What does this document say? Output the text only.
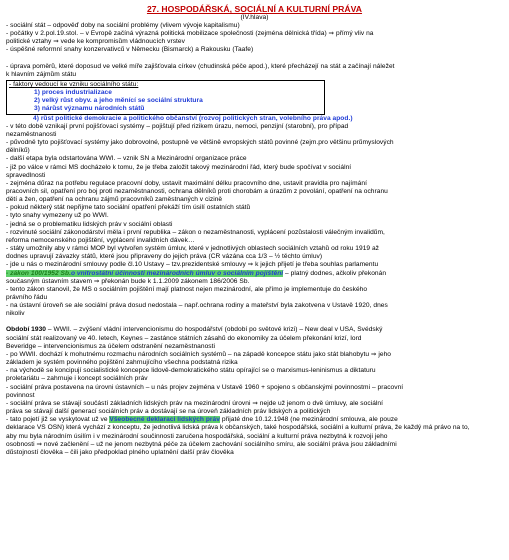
27. HOSPODÁŘSKÁ, SOCIÁLNÍ A KULTURNÍ PRÁVA
(IV.hlava)
- sociální stát – odpověď doby na sociální problémy (vlivem vývoje kapitalismu)
- počátky v 2.pol.19.stol. – v Evropě začíná výrazná politická mobilizace společnosti (zejména dělnická třída) ⇒ přímý vliv na
politické vztahy ⇒ vede ke kompromisům vládnoucích vrstev
- úspěšné reformní snahy konzervativců v Německu (Bismarck) a Rakousku (Taafe)
- úprava poměrů, které doposud ve velké míře zajišťovala církev (chudinská péče apod.), které přecházejí na stát a začínají náležet
k hlavním zájmům státu
- faktory vedoucí ke vzniku sociálního státu:
1) proces industrializace
2) velký růst obyv. a jeho měnící se sociální struktura
3) nárůst významu národních států
4) růst politické demokracie a politického občanství (rozvoj politických stran, volebního práva apod.)
- v této době vznikají první pojišťovací systémy – pojištují před rizikem úrazu, nemoci, penzijní (starobní), pro případ
nezaměstnanosti
- původně tyto pojišťovací systémy jako dobrovolné, postupně ve většině evropských států povinné (zejm.pro většinu průmyslových
dělníků)
- další etapa byla odstartována WWI. – vznik SN a Mezinárodní organizace práce
- již po válce v rámci MS docházelo k tomu, že je třeba založit takový mezinárodní řád, který bude spočívat v sociální
spravedlnosti
- zejména důraz na potřebu regulace pracovní doby, ustavit maximální délku pracovního dne, ustavit pravidla pro najímání
pracovních sil, opatření pro boj proti nezaměstnanosti, ochrana dělníků proti chorobám a úrazům z povolání, opatření na ochranu
dětí a žen, opatření na ochranu zájmů pracovníků zaměstnaných v cizině
- pokud některý stát nepřijme tato sociální opatření překáží tím úsilí ostatních států
- tyto snahy vymezeny už po WWI.
- jedná se o problematiku lidských práv v sociální oblasti
- rozvinuté sociální zákonodárství měla i první republika – zákon o nezaměstnanosti, vyplácení pozůstalosti válečným invalidům,
reforma nemocenského pojištění, vyplácení invalidních dávek…
- státy umožnily aby v rámci MOP byl vytvořen systém úmluv, které v jednotlivých oblastech sociálních vztahů od roku 1919 až
dodnes upravují závazky států, které jsou připraveny do jejich práva (ČR vázána cca 1/3 – ½ těchto úmluv)
- jde u nás o mezinárodní smlouvy podle čl.10 Ústavy – tzv.prezidentské smlouvy ⇒ k jejich přijetí je třeba souhlas parlamentu
- zákon 100/1952 Sb.o vnitrostátní účinnosti mezinárodních úmluv o sociálním pojištění – platný dodnes, ačkoliv překonán
současným ústavním stavem ⇒ překonán bude k 1.1.2009 zákonem 186/2006 Sb.
- tento zákon stanovil, že MS o sociálním pojištění mají platnost nejen mezinárodní, ale přímo je implementuje do českého
právního řádu
- na ústavní úroveň se ale sociální práva dosud nedostala – např.ochrana rodiny a mateřství byla zakotvena v Ústavě 1920, dnes
nikoliv
Období 1930 – WWII. – zvýšení vládní intervencionismu do hospodářství (období po světové krizi) – New deal v USA, Švédský
sociální stát realizovaný ve 40. letech, Keynes – zastánce státních zásahů do ekonomiky za účelem překonání krizí, lord
Beveridge – intervencionismus za účelem odstranění nezaměstnanosti
- po WWII. dochází k mohutnému rozmachu národních sociálních systémů – na západě koncepce státu jako stát blahobytu ⇒ jeho
základem je systém povinného pojištění zahrnujícího všechna podstatná rizika
- na východě se koncipují socialistické koncepce lidově-demokratického státu opírající se o marxismus-leninismus a diktaturu
proletariátu – zahrnuje i koncept sociálních práv
- sociální práva postavena na úrovni ústavních – u nás projev zejména v Ústavě 1960 + spojeno s občanskými povinnostmi – pracovní
povinnost
- sociální práva se stávají součástí základních lidských práv na mezinárodní úrovni ⇒ nejde už jenom o dvě úmluvy, ale sociální
práva se stávají další generací sociálních práv a dostávají se na úroveň základních práv lidských a politických
- tato pojetí již se vyskytovat už ve Všeobecné deklaraci lidských práv přijaté dne 10.12.1948 (ne mezinárodní smlouva, ale pouze
deklarace VS OSN) která vychází z konceptu, že jednotlivá lidská práva k občanských, také hospodářská, sociální a kulturní práva, že každý má právo na to,
aby mu byla národním úsilím i v mezinárodní součinnosti zaručena hospodářská, sociální a kulturní práva nezbytná k rozvoji jeho
osobnosti ⇒ nové začlenění – už ne jenom nezbytná péče za účelem zachování sociálního smíru, ale sociální práva jsou základními
důstojností člověka – čili jako předpoklad plného uplatnění další práv člověka
